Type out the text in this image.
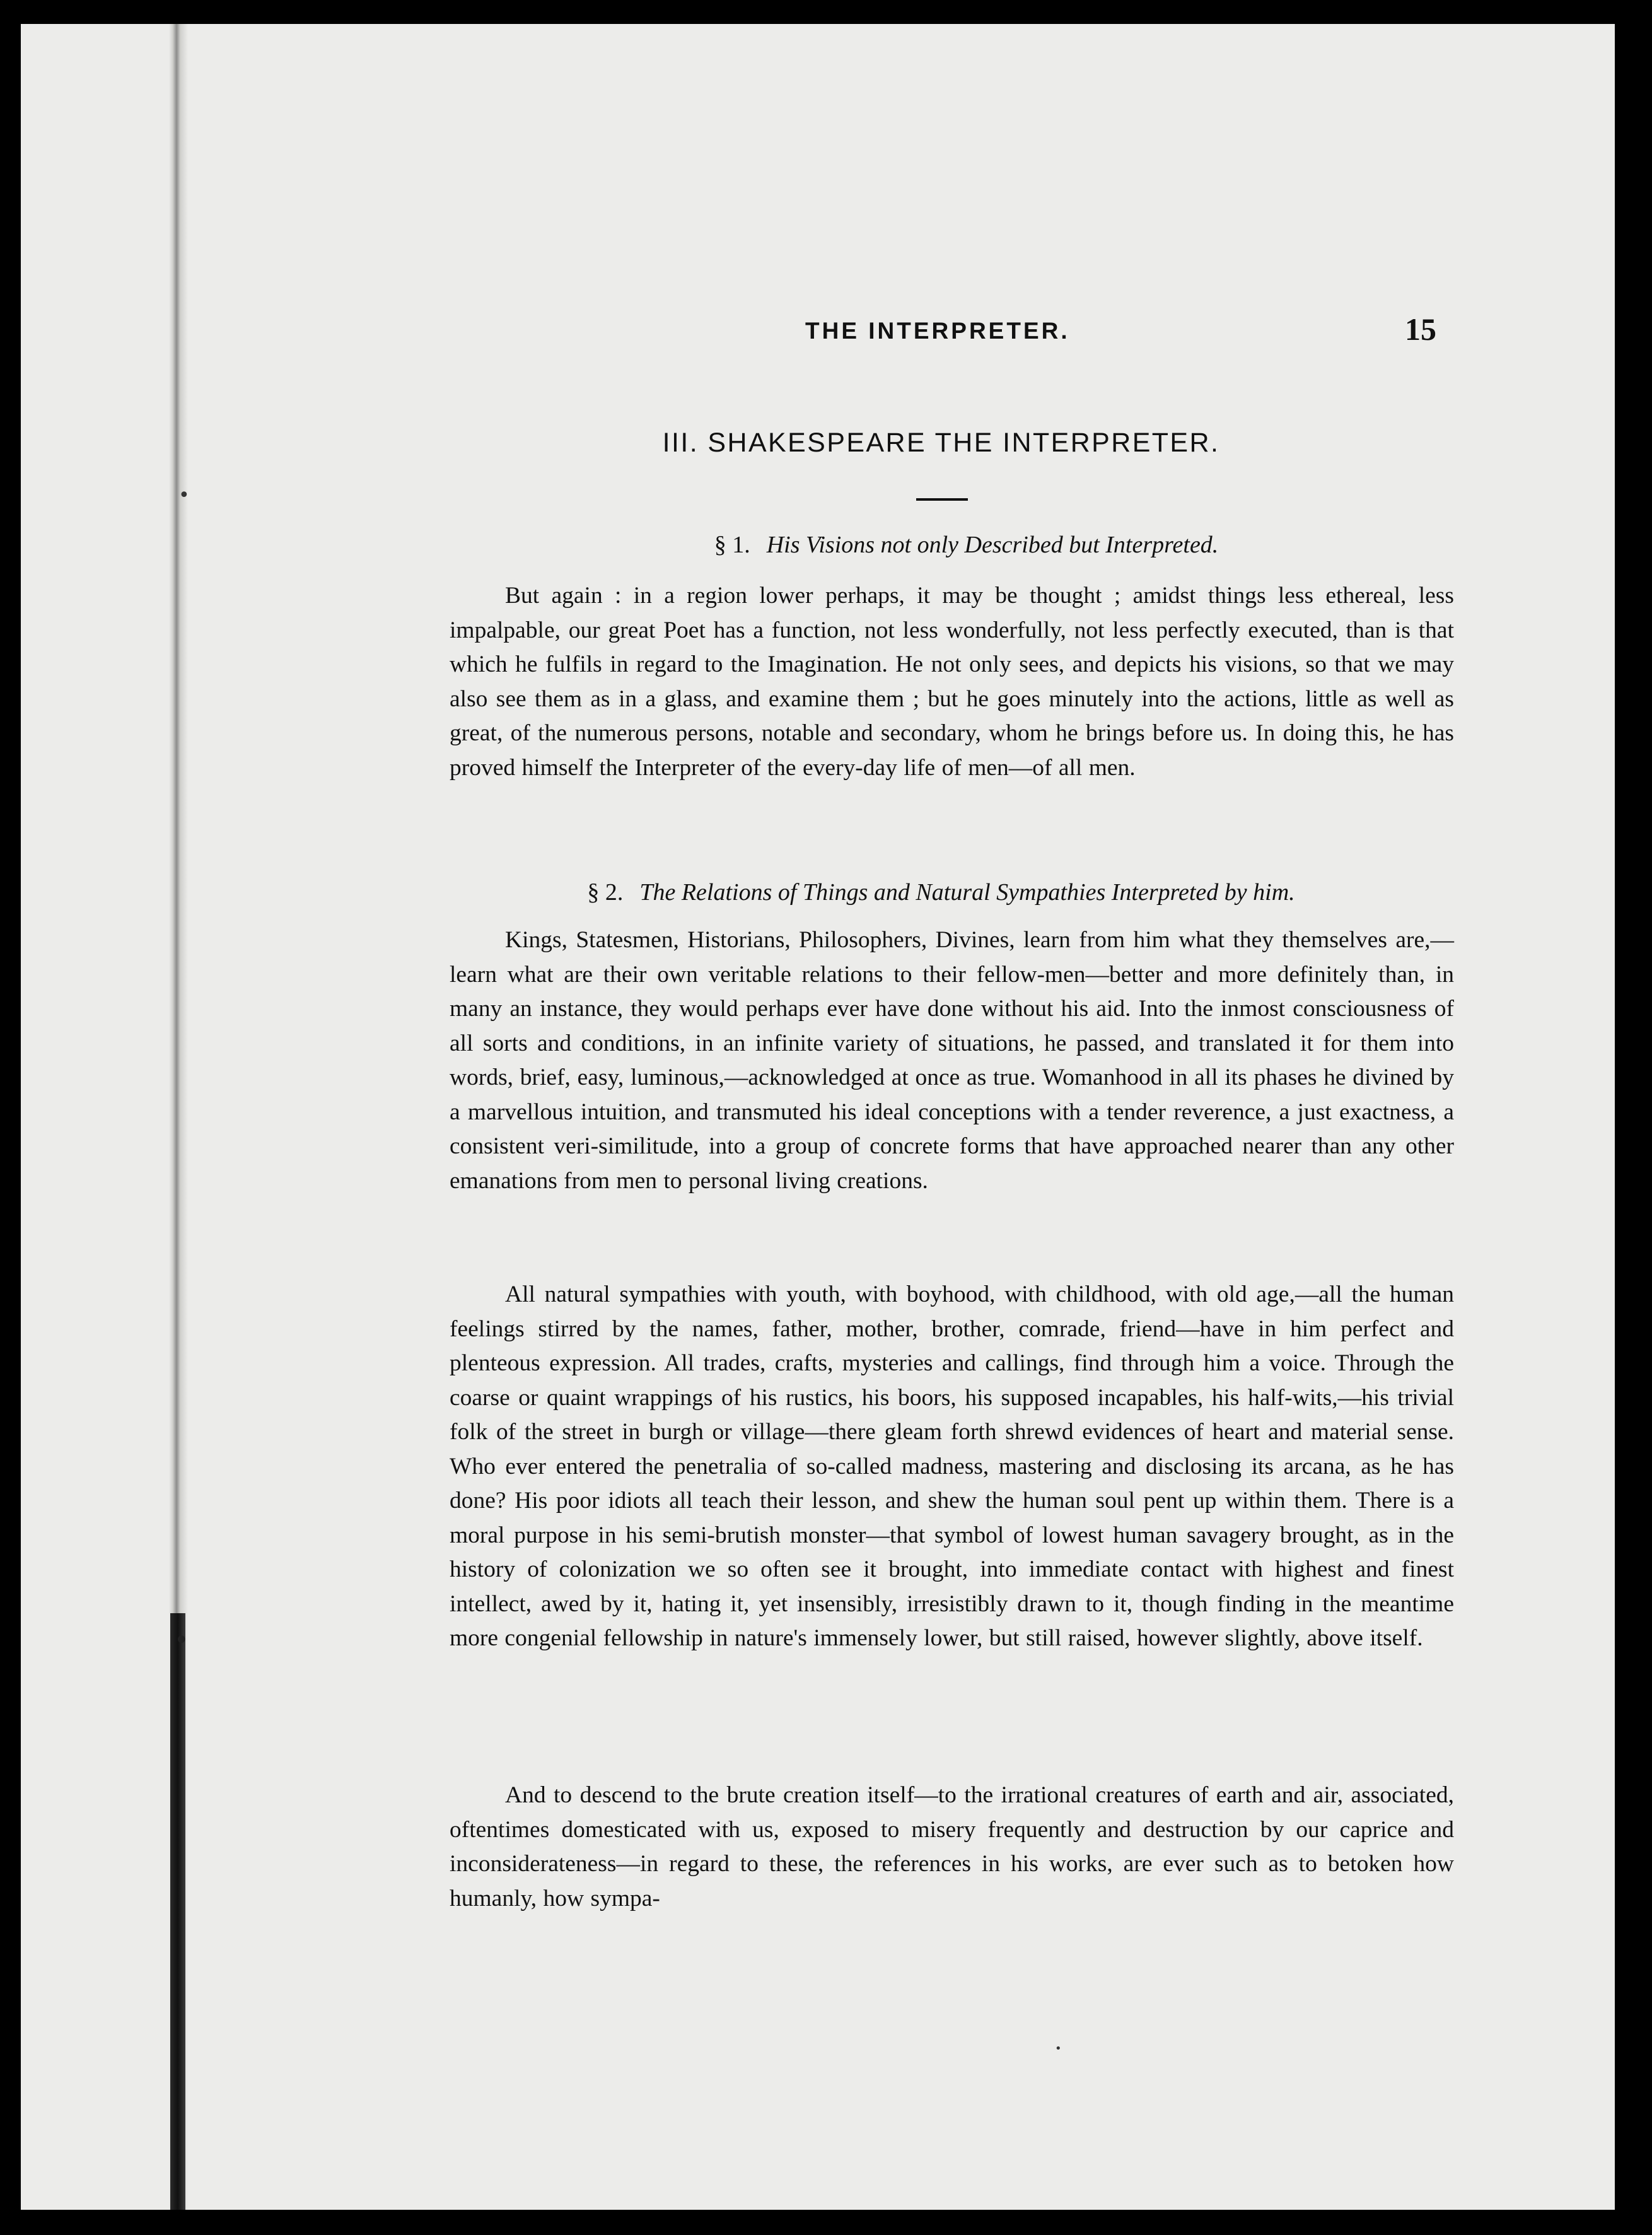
•
•
•
THE INTERPRETER.	15
III. SHAKESPEARE THE INTERPRETER.
§ 1. His Visions not only Described but Interpreted.

But again : in a region lower perhaps, it may be thought ; amidst things less ethereal, less impalpable, our great Poet has a function, not less wonderfully, not less perfectly executed, than is that which he fulfils in regard to the Imagination. He not only sees, and depicts his visions, so that we may also see them as in a glass, and examine them ; but he goes minutely into the actions, little as well as great, of the numerous persons, notable and secondary, whom he brings before us. In doing this, he has proved himself the Interpreter of the every-day life of men—of all men.

§ 2. The Relations of Things and Natural Sympathies Interpreted by him.

Kings, Statesmen, Historians, Philosophers, Divines, learn from him what they themselves are,—learn what are their own veritable relations to their fellow-men—better and more definitely than, in many an instance, they would perhaps ever have done without his aid. Into the inmost consciousness of all sorts and conditions, in an infinite variety of situations, he passed, and translated it for them into words, brief, easy, luminous,—acknowledged at once as true. Womanhood in all its phases he divined by a marvellous intuition, and transmuted his ideal conceptions with a tender reverence, a just exactness, a consistent veri-similitude, into a group of concrete forms that have approached nearer than any other emanations from men to personal living creations.

All natural sympathies with youth, with boyhood, with childhood, with old age,—all the human feelings stirred by the names, father, mother, brother, comrade, friend—have in him perfect and plenteous expression. All trades, crafts, mysteries and callings, find through him a voice. Through the coarse or quaint wrappings of his rustics, his boors, his supposed incapables, his half-wits,—his trivial folk of the street in burgh or village—there gleam forth shrewd evidences of heart and material sense. Who ever entered the penetralia of so-called madness, mastering and disclosing its arcana, as he has done? His poor idiots all teach their lesson, and shew the human soul pent up within them. There is a moral purpose in his semi-brutish monster—that symbol of lowest human savagery brought, as in the history of colonization we so often see it brought, into immediate contact with highest and finest intellect, awed by it, hating it, yet insensibly, irresistibly drawn to it, though finding in the meantime more congenial fellowship in nature's immensely lower, but still raised, however slightly, above itself.

And to descend to the brute creation itself—to the irrational creatures of earth and air, associated, oftentimes domesticated with us, exposed to misery frequently and destruction by our caprice and inconsiderateness—in regard to these, the references in his works, are ever such as to betoken how humanly, how sympa-
